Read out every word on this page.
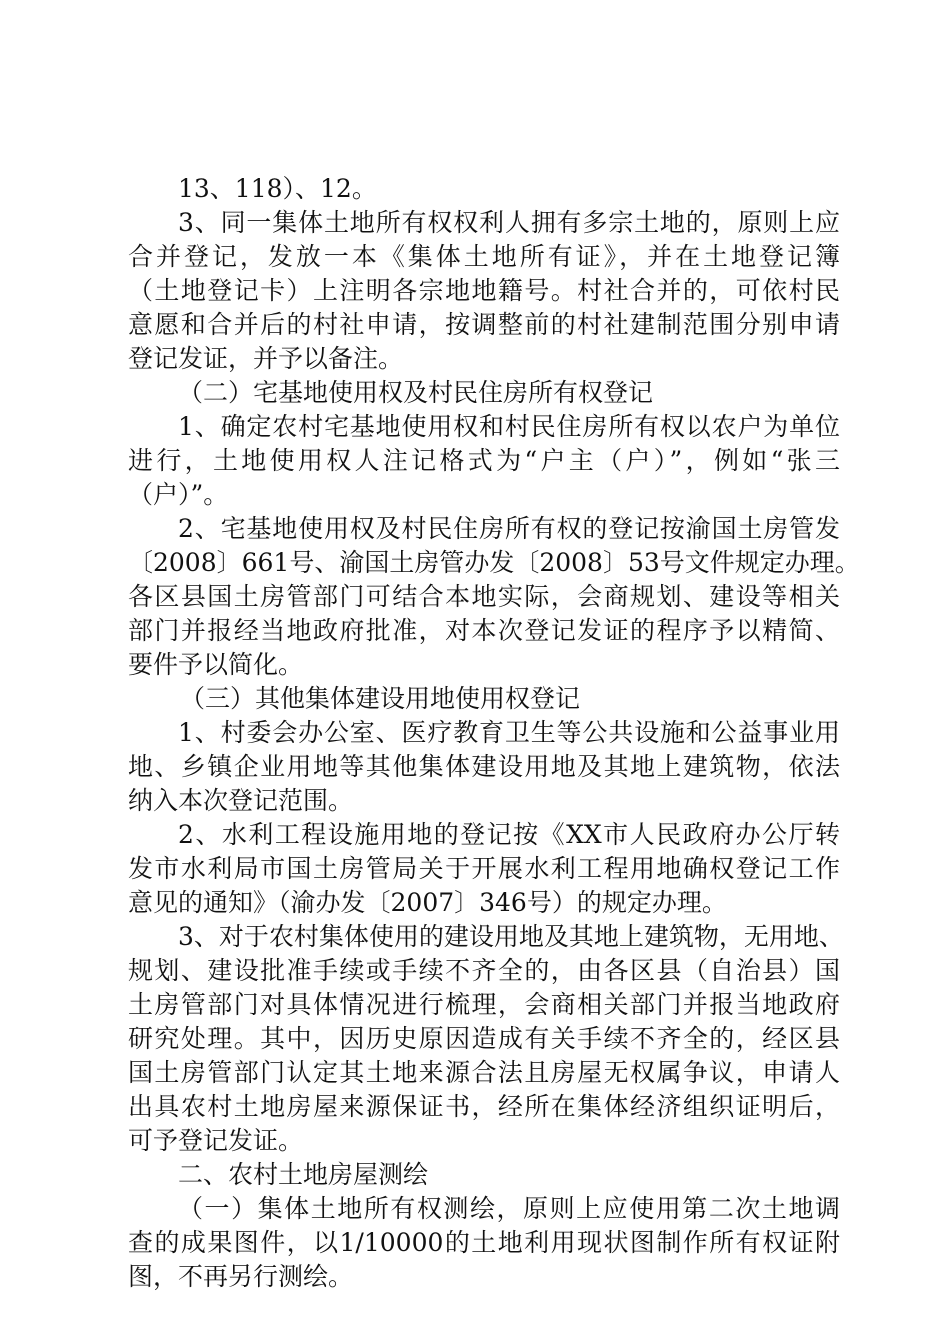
13、118）、12。
3、同一集体土地所有权权利人拥有多宗土地的，原则上应
合并登记，发放一本《集体土地所有证》，并在土地登记簿
（土地登记卡）上注明各宗地地籍号。村社合并的，可依村民
意愿和合并后的村社申请，按调整前的村社建制范围分别申请
登记发证，并予以备注。
（二）宅基地使用权及村民住房所有权登记
1、确定农村宅基地使用权和村民住房所有权以农户为单位
进行，土地使用权人注记格式为“户主（户）”，例如“张三
（户）”。
2、宅基地使用权及村民住房所有权的登记按渝国土房管发
〔2008〕661号、渝国土房管办发〔2008〕53号文件规定办理。
各区县国土房管部门可结合本地实际，会商规划、建设等相关
部门并报经当地政府批准，对本次登记发证的程序予以精简、
要件予以简化。
（三）其他集体建设用地使用权登记
1、村委会办公室、医疗教育卫生等公共设施和公益事业用
地、乡镇企业用地等其他集体建设用地及其地上建筑物，依法
纳入本次登记范围。
2、水利工程设施用地的登记按《XX市人民政府办公厅转
发市水利局市国土房管局关于开展水利工程用地确权登记工作
意见的通知》（渝办发〔2007〕346号）的规定办理。
3、对于农村集体使用的建设用地及其地上建筑物，无用地、
规划、建设批准手续或手续不齐全的，由各区县（自治县）国
土房管部门对具体情况进行梳理，会商相关部门并报当地政府
研究处理。其中，因历史原因造成有关手续不齐全的，经区县
国土房管部门认定其土地来源合法且房屋无权属争议，申请人
出具农村土地房屋来源保证书，经所在集体经济组织证明后，
可予登记发证。
二、农村土地房屋测绘
（一）集体土地所有权测绘，原则上应使用第二次土地调
查的成果图件，以1/10000的土地利用现状图制作所有权证附
图，不再另行测绘。
